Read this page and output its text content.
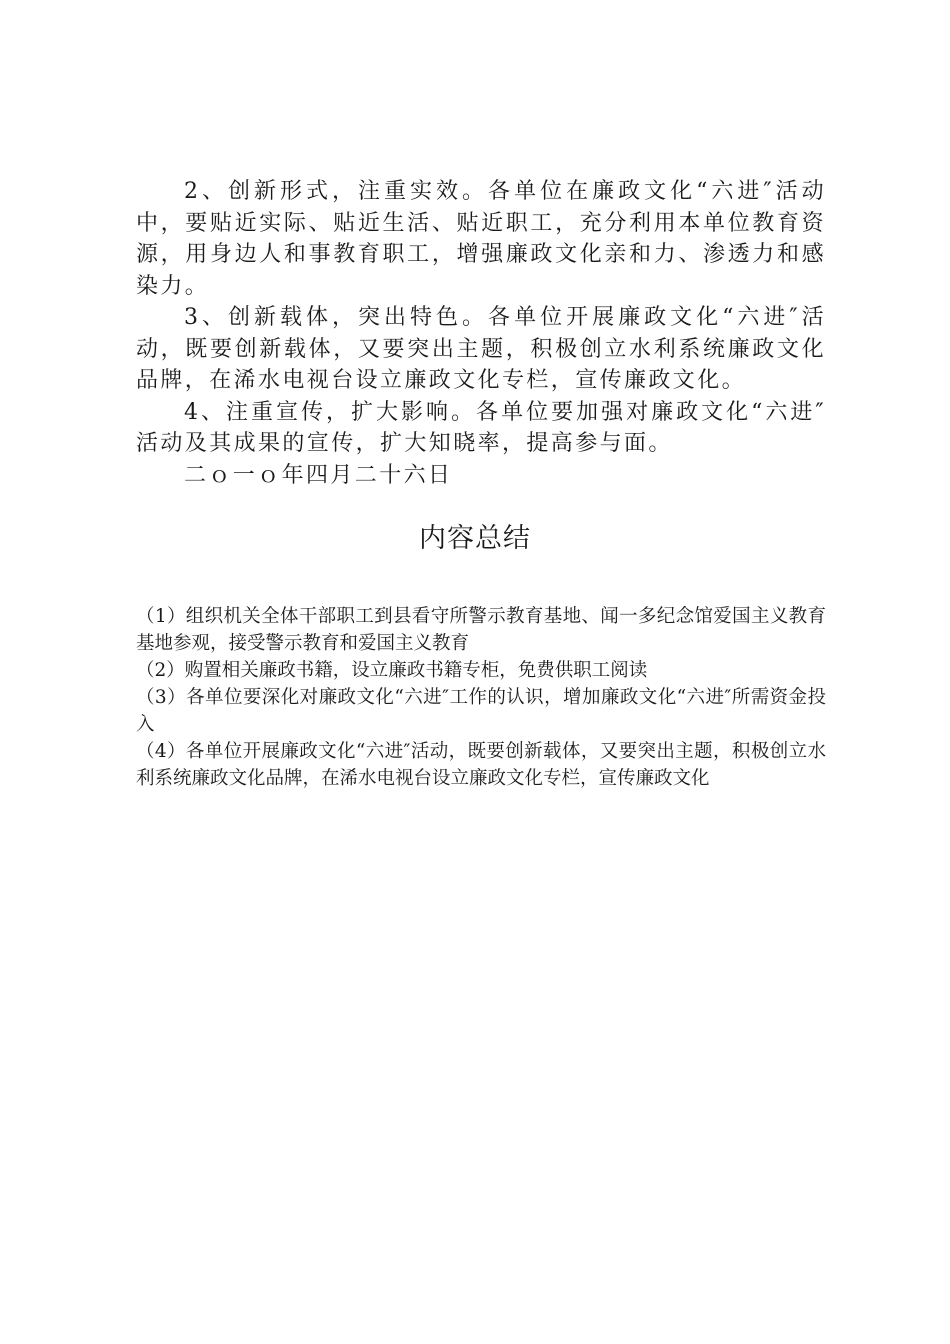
2、创新形式，注重实效。各单位在廉政文化“六进″活动中，要贴近实际、贴近生活、贴近职工，充分利用本单位教育资源，用身边人和事教育职工，增强廉政文化亲和力、渗透力和感染力。

3、创新载体，突出特色。各单位开展廉政文化“六进″活动，既要创新载体，又要突出主题，积极创立水利系统廉政文化品牌，在浠水电视台设立廉政文化专栏，宣传廉政文化。

4、注重宣传，扩大影响。各单位要加强对廉政文化“六进″活动及其成果的宣传，扩大知晓率，提高参与面。

二ｏ一ｏ年四月二十六日

内容总结

（1）组织机关全体干部职工到县看守所警示教育基地、闻一多纪念馆爱国主义教育基地参观，接受警示教育和爱国主义教育

（2）购置相关廉政书籍，设立廉政书籍专柜，免费供职工阅读

（3）各单位要深化对廉政文化“六进″工作的认识，增加廉政文化“六进″所需资金投入

（4）各单位开展廉政文化“六进″活动，既要创新载体，又要突出主题，积极创立水利系统廉政文化品牌，在浠水电视台设立廉政文化专栏，宣传廉政文化
